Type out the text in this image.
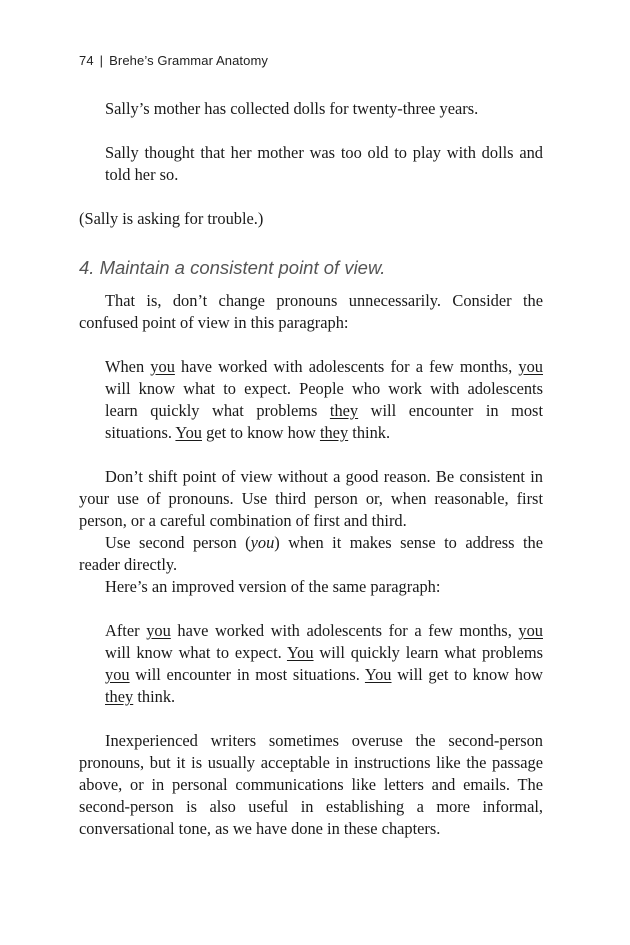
74 | Brehe’s Grammar Anatomy

Sally’s mother has collected dolls for twenty-three years.

Sally thought that her mother was too old to play with dolls and told her so.

(Sally is asking for trouble.)

4. Maintain a consistent point of view.

That is, don’t change pronouns unnecessarily. Consider the confused point of view in this paragraph:

When you have worked with adolescents for a few months, you will know what to expect. People who work with adolescents learn quickly what problems they will encounter in most situations. You get to know how they think.

Don’t shift point of view without a good reason. Be consistent in your use of pronouns. Use third person or, when reasonable, first person, or a careful combination of first and third.

Use second person (you) when it makes sense to address the reader directly.

Here’s an improved version of the same paragraph:

After you have worked with adolescents for a few months, you will know what to expect. You will quickly learn what problems you will encounter in most situations. You will get to know how they think.

Inexperienced writers sometimes overuse the second-person pronouns, but it is usually acceptable in instructions like the passage above, or in personal communications like letters and emails. The second-person is also useful in establishing a more informal, conversational tone, as we have done in these chapters.
